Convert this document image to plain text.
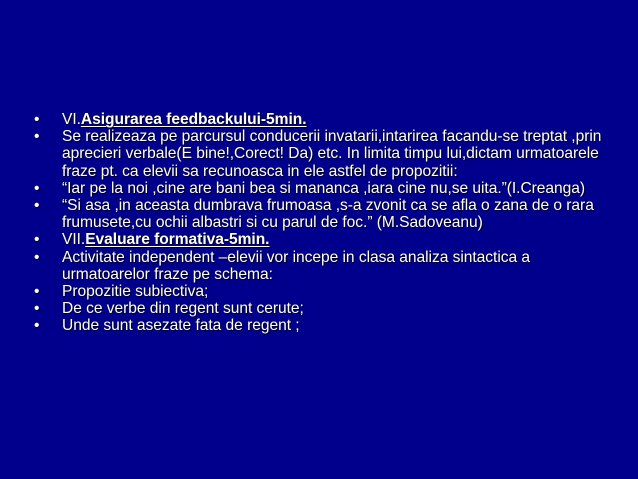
•	VI.Asigurarea feedbackului-5min.
•	Se realizeaza pe parcursul conducerii invatarii,intarirea facandu-se treptat ,prin aprecieri verbale(E bine!,Corect! Da) etc. In limita timpu lui,dictam urmatoarele fraze pt. ca elevii sa recunoasca in ele astfel de propozitii:
•	“Iar pe la noi ,cine are bani bea si mananca ,iara cine nu,se uita.”(I.Creanga)
•	“Si asa ,in aceasta dumbrava frumoasa ,s-a zvonit ca se afla o zana de o rara frumusete,cu ochii albastri si cu parul de foc.” (M.Sadoveanu)
•	VII.Evaluare formativa-5min.
•	Activitate independent –elevii vor incepe in clasa analiza sintactica a urmatoarelor fraze pe schema:
•	Propozitie subiectiva;
•	De ce verbe din regent sunt cerute;
•	Unde sunt asezate fata de regent ;
